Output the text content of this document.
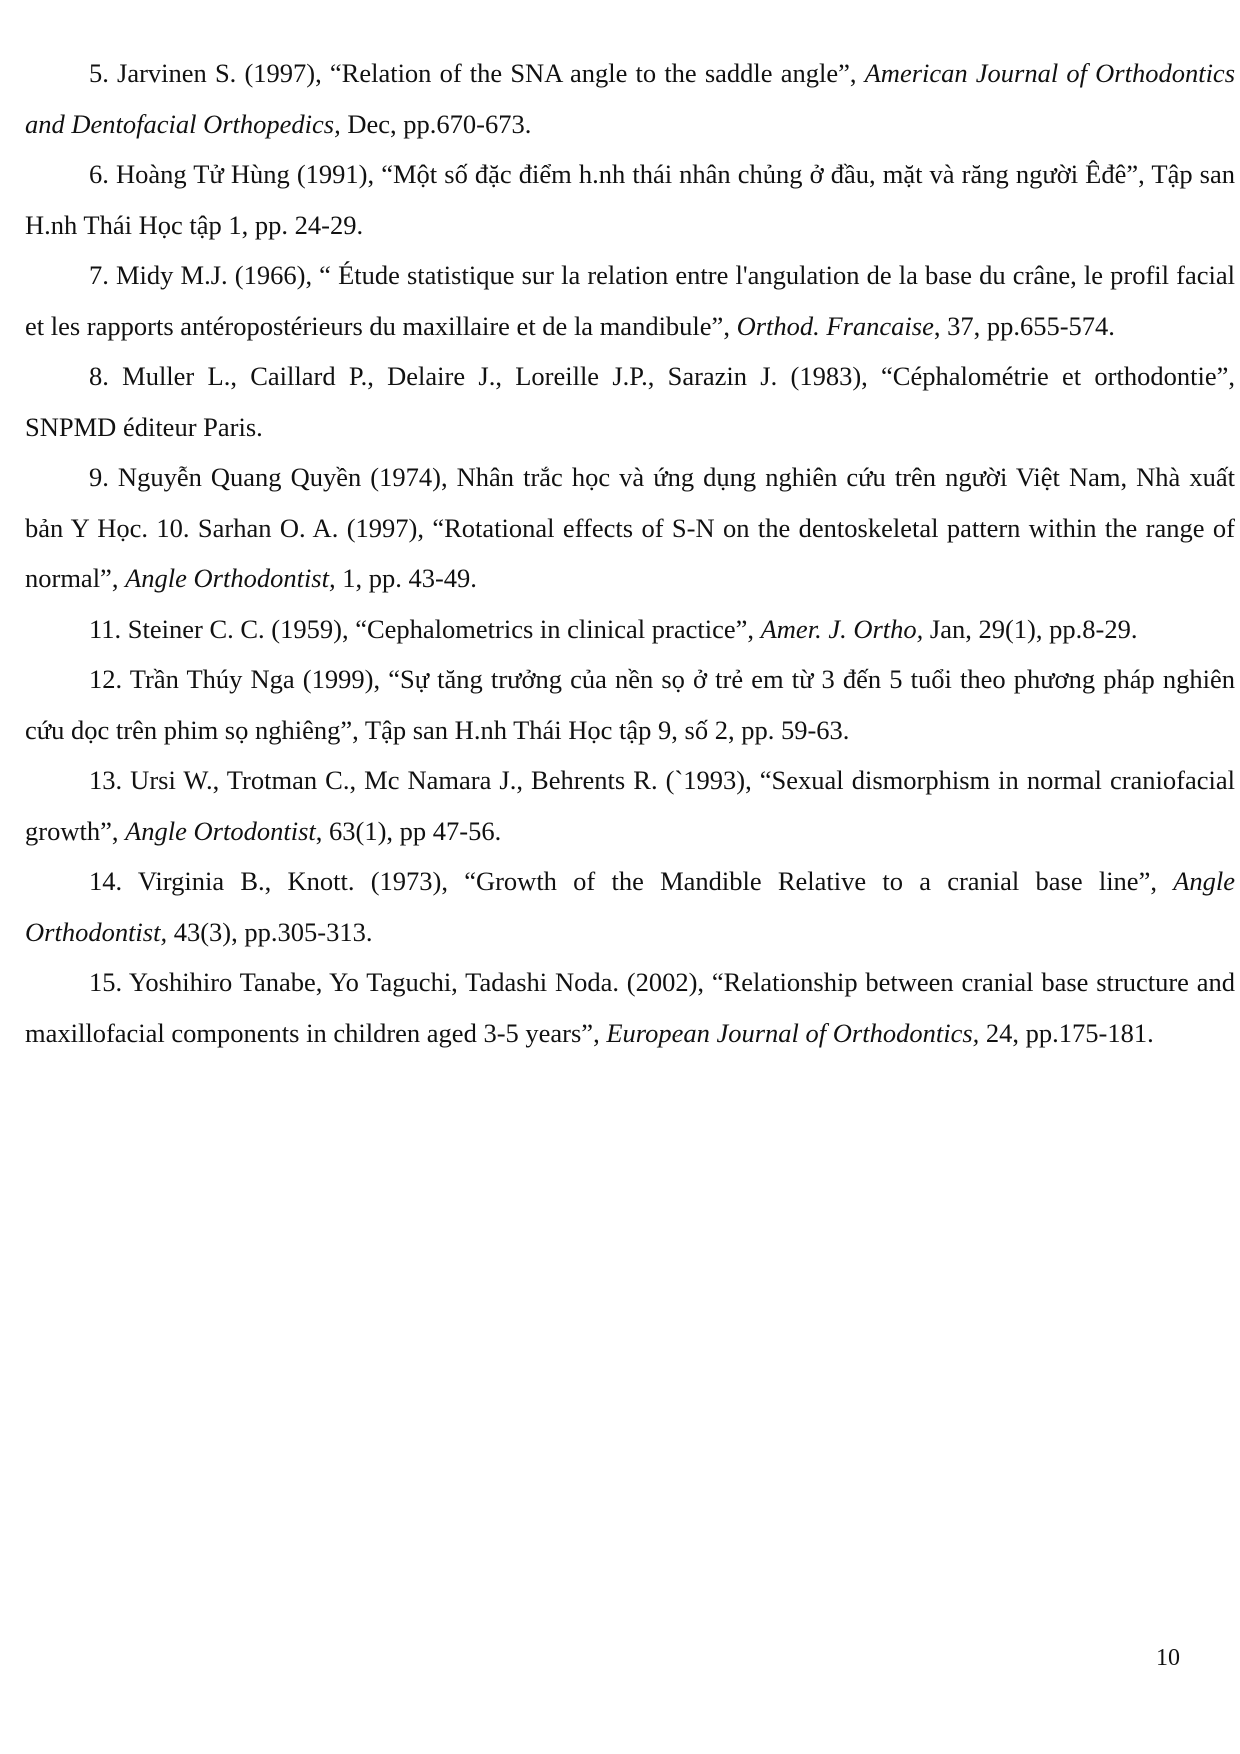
5. Jarvinen S. (1997), “Relation of the SNA angle to the saddle angle”, American Journal of Orthodontics and Dentofacial Orthopedics, Dec, pp.670-673.

6. Hoàng Tử Hùng (1991), “Một số đặc điểm h.nh thái nhân chủng ở đầu, mặt và răng người Êđê”, Tập san H.nh Thái Học tập 1, pp. 24-29.

7. Midy M.J. (1966), “ Étude statistique sur la relation entre l'angulation de la base du crâne, le profil facial et les rapports antéropostérieurs du maxillaire et de la mandibule”, Orthod. Francaise, 37, pp.655-574.

8. Muller L., Caillard P., Delaire J., Loreille J.P., Sarazin J. (1983), “Céphalométrie et orthodontie”, SNPMD éditeur Paris.

9. Nguyễn Quang Quyền (1974), Nhân trắc học và ứng dụng nghiên cứu trên người Việt Nam, Nhà xuất bản Y Học. 10. Sarhan O. A. (1997), “Rotational effects of S-N on the dentoskeletal pattern within the range of normal”, Angle Orthodontist, 1, pp. 43-49.

11. Steiner C. C. (1959), “Cephalometrics in clinical practice”, Amer. J. Ortho, Jan, 29(1), pp.8-29.

12. Trần Thúy Nga (1999), “Sự tăng trưởng của nền sọ ở trẻ em từ 3 đến 5 tuổi theo phương pháp nghiên cứu dọc trên phim sọ nghiêng”, Tập san H.nh Thái Học tập 9, số 2, pp. 59-63.

13. Ursi W., Trotman C., Mc Namara J., Behrents R. (`1993), “Sexual dismorphism in normal craniofacial growth”, Angle Ortodontist, 63(1), pp 47-56.

14. Virginia B., Knott. (1973), “Growth of the Mandible Relative to a cranial base line”, Angle Orthodontist, 43(3), pp.305-313.

15. Yoshihiro Tanabe, Yo Taguchi, Tadashi Noda. (2002), “Relationship between cranial base structure and maxillofacial components in children aged 3-5 years”, European Journal of Orthodontics, 24, pp.175-181.

10
